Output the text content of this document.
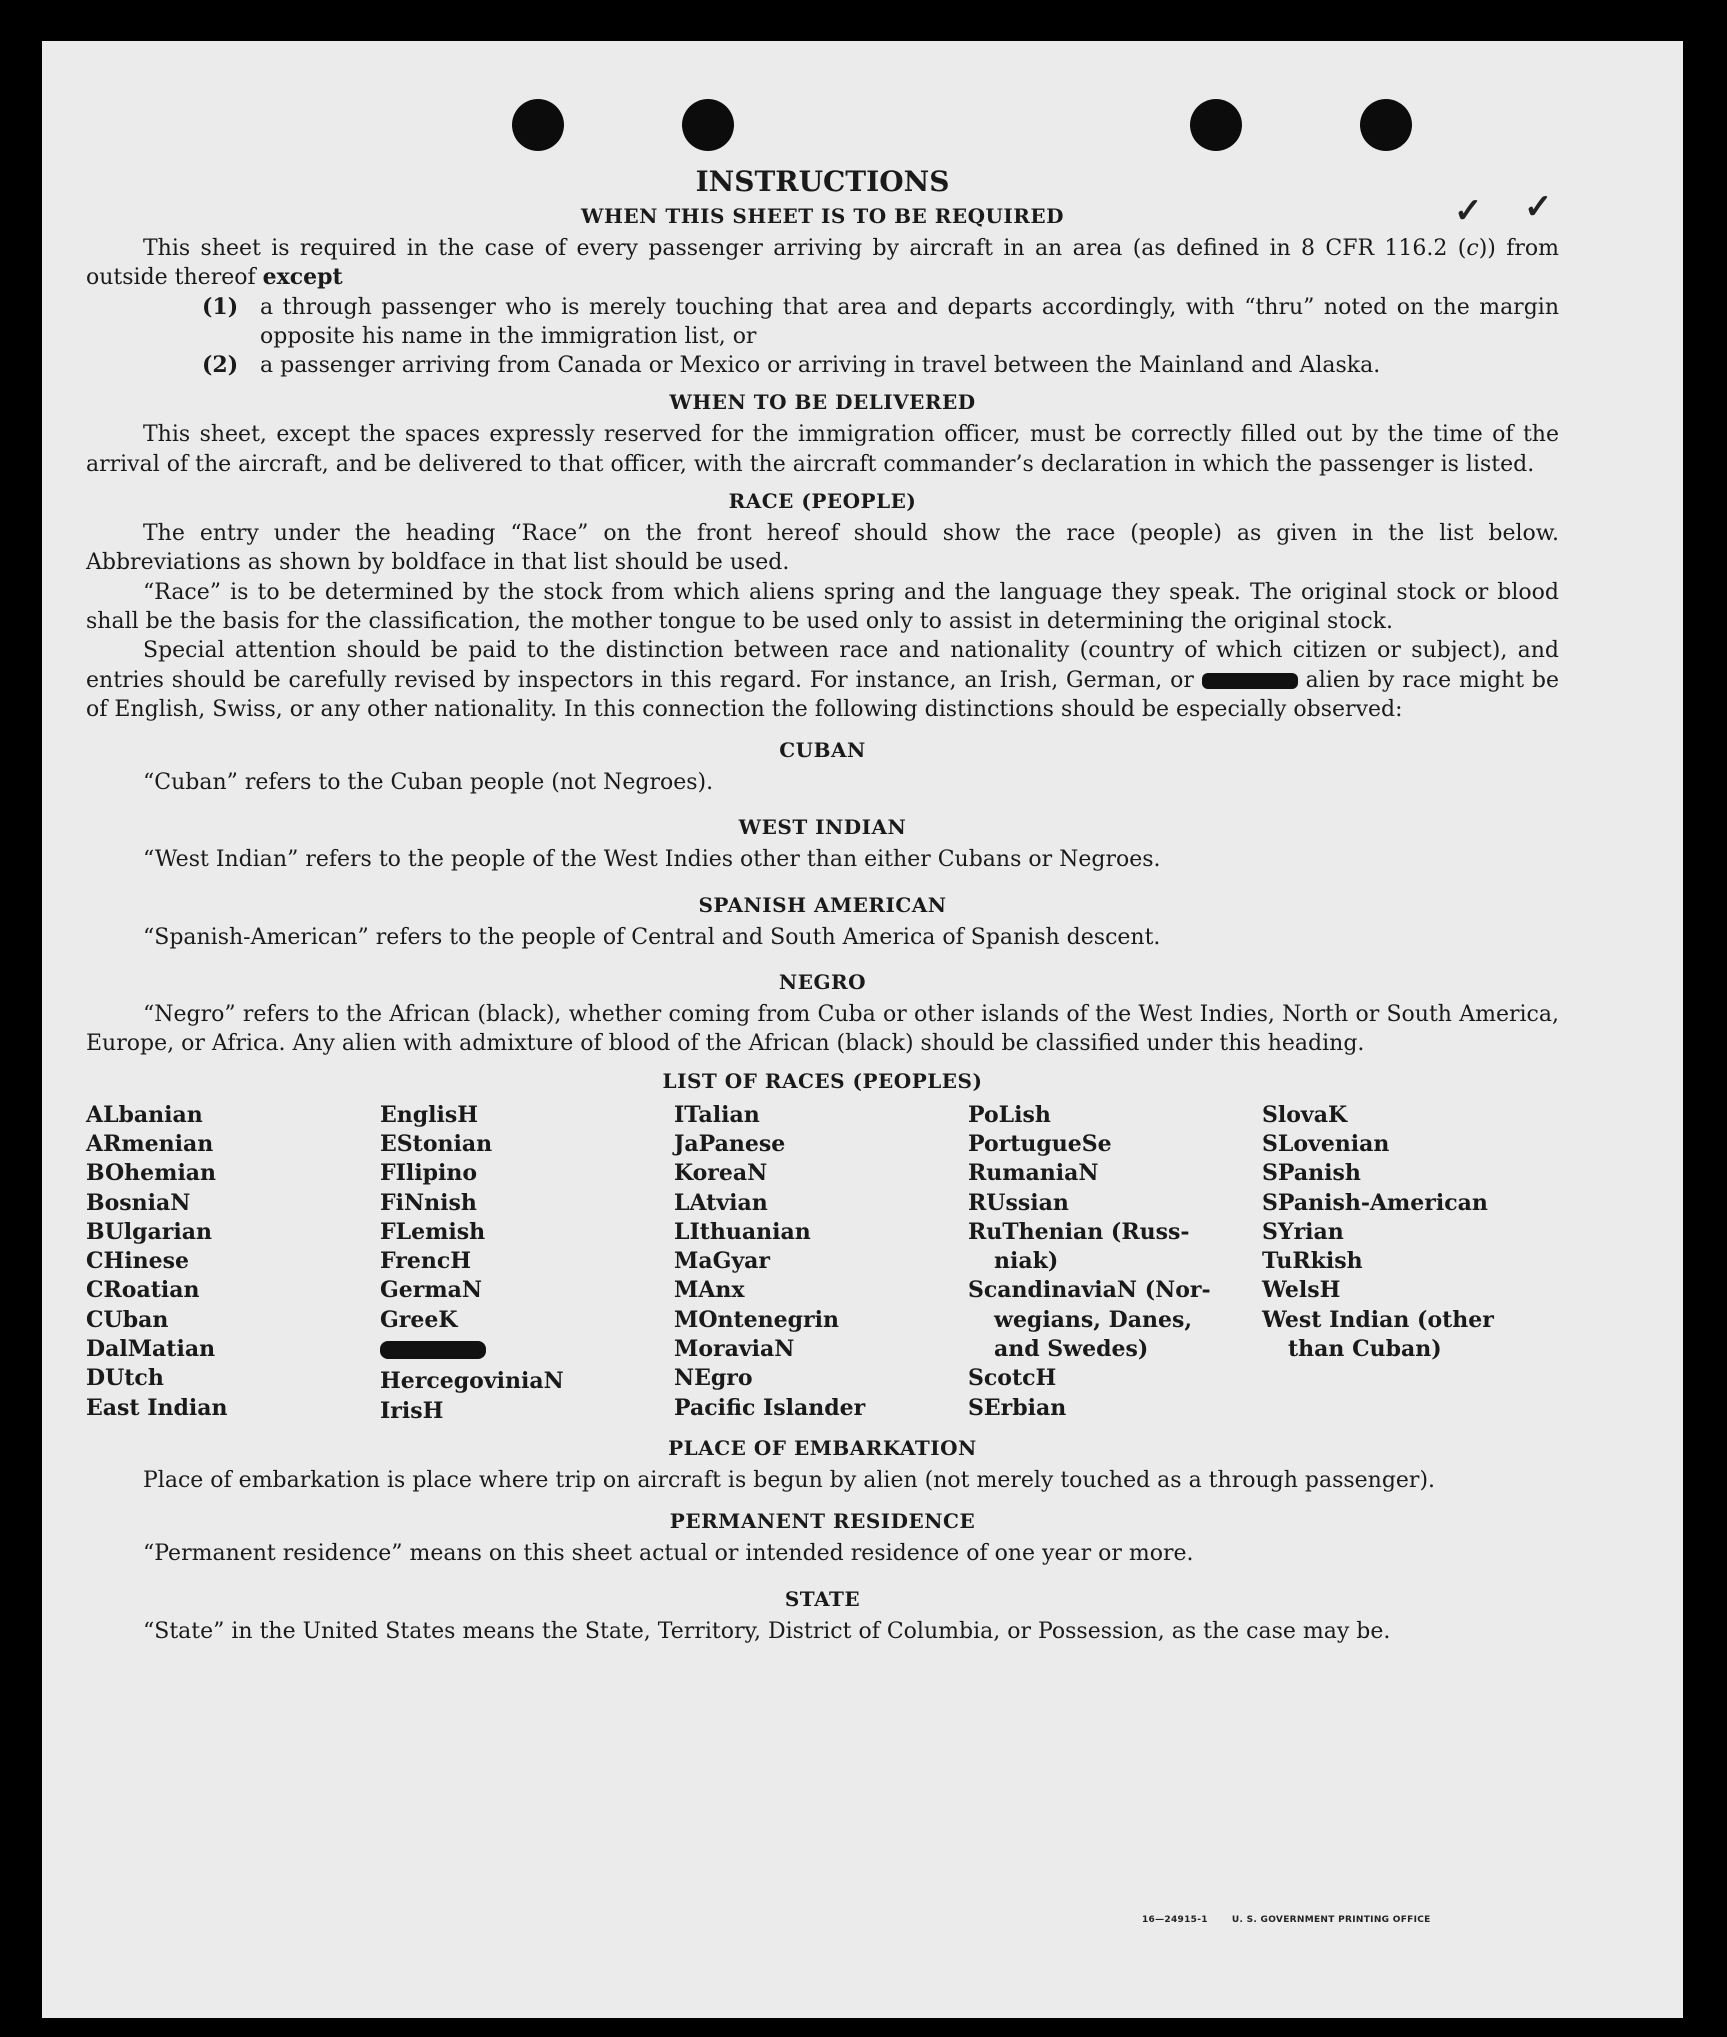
✓ ✓
INSTRUCTIONS
WHEN THIS SHEET IS TO BE REQUIRED

This sheet is required in the case of every passenger arriving by aircraft in an area (as defined in 8 CFR 116.2 (c)) from outside thereof except

(1) a through passenger who is merely touching that area and departs accordingly, with “thru” noted on the margin opposite his name in the immigration list, or
(2) a passenger arriving from Canada or Mexico or arriving in travel between the Mainland and Alaska.
WHEN TO BE DELIVERED

This sheet, except the spaces expressly reserved for the immigration officer, must be correctly filled out by the time of the arrival of the aircraft, and be delivered to that officer, with the aircraft commander’s declaration in which the passenger is listed.

RACE (PEOPLE)

The entry under the heading “Race” on the front hereof should show the race (people) as given in the list below. Abbreviations as shown by boldface in that list should be used.

“Race” is to be determined by the stock from which aliens spring and the language they speak. The original stock or blood shall be the basis for the classification, the mother tongue to be used only to assist in determining the original stock.

Special attention should be paid to the distinction between race and nationality (country of which citizen or subject), and entries should be carefully revised by inspectors in this regard. For instance, an Irish, German, or	alien by race might be of English, Swiss, or any other nationality. In this connection the following distinctions should be especially observed:

CUBAN

“Cuban” refers to the Cuban people (not Negroes).

WEST INDIAN

“West Indian” refers to the people of the West Indies other than either Cubans or Negroes.

SPANISH AMERICAN

“Spanish-American” refers to the people of Central and South America of Spanish descent.

NEGRO

“Negro” refers to the African (black), whether coming from Cuba or other islands of the West Indies, North or South America, Europe, or Africa. Any alien with admixture of blood of the African (black) should be classified under this heading.

LIST OF RACES (PEOPLES)
ALbanian
ARmenian
BOhemian
BosniaN
BUlgarian
CHinese
CRoatian
CUban
DalMatian
DUtch
East Indian
EnglisH
EStonian
FIlipino
FiNnish
FLemish
FrencH
GermaN
GreeK
HercegoviniaN
IrisH
ITalian
JaPanese
KoreaN
LAtvian
LIthuanian
MaGyar
MAnx
MOntenegrin
MoraviaN
NEgro
Pacific Islander
PoLish
PortugueSe
RumaniaN
RUssian
RuThenian (Russ-
niak)
ScandinaviaN (Nor-
wegians, Danes,
and Swedes)
ScotcH
SErbian
SlovaK
SLovenian
SPanish
SPanish-American
SYrian
TuRkish
WelsH
West Indian (other
than Cuban)
PLACE OF EMBARKATION

Place of embarkation is place where trip on aircraft is begun by alien (not merely touched as a through passenger).

PERMANENT RESIDENCE

“Permanent residence” means on this sheet actual or intended residence of one year or more.

STATE

“State” in the United States means the State, Territory, District of Columbia, or Possession, as the case may be.

16—24915-1	U. S. GOVERNMENT PRINTING OFFICE
